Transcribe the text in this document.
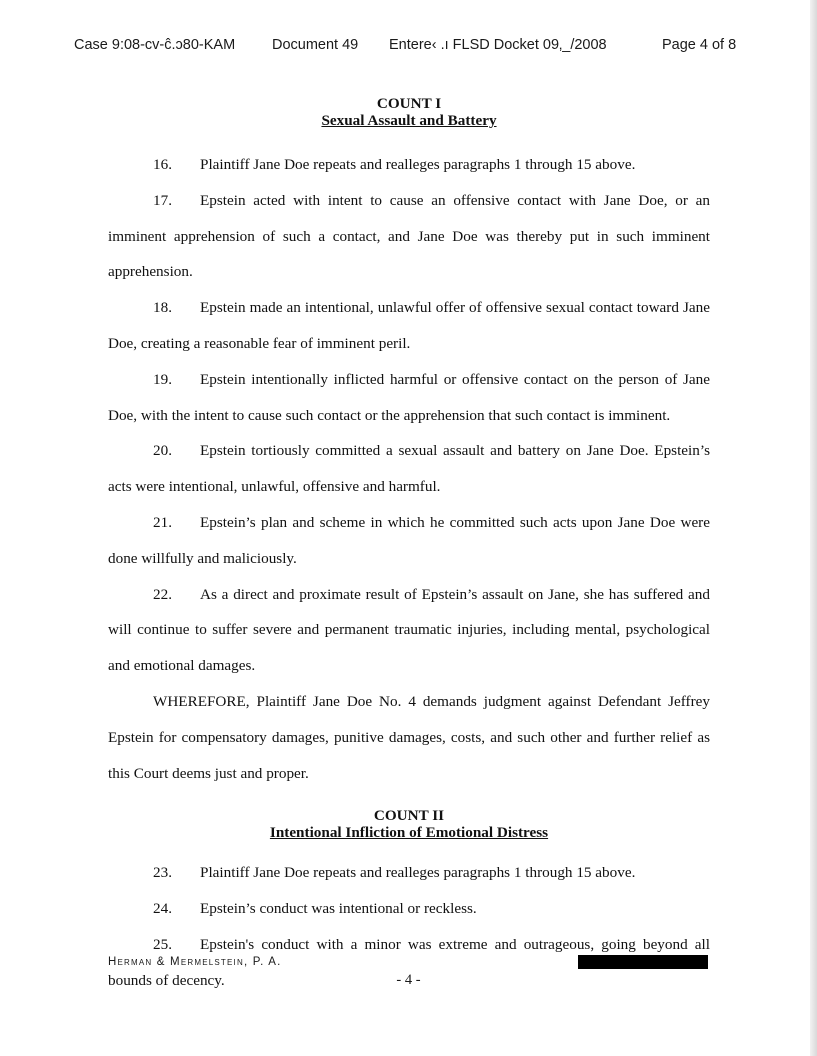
Case 9:08-cv-ĉ.ͻ80-KAM	Document 49 Entere‹ .ı FLSD Docket 09‚_/2008	Page 4 of 8
COUNT I
Sexual Assault and Battery

16. Plaintiff Jane Doe repeats and realleges paragraphs 1 through 15 above.

17. Epstein acted with intent to cause an offensive contact with Jane Doe, or an imminent apprehension of such a contact, and Jane Doe was thereby put in such imminent apprehension.

18. Epstein made an intentional, unlawful offer of offensive sexual contact toward Jane Doe, creating a reasonable fear of imminent peril.

19. Epstein intentionally inflicted harmful or offensive contact on the person of Jane Doe, with the intent to cause such contact or the apprehension that such contact is imminent.

20. Epstein tortiously committed a sexual assault and battery on Jane Doe. Epstein’s acts were intentional, unlawful, offensive and harmful.

21. Epstein’s plan and scheme in which he committed such acts upon Jane Doe were done willfully and maliciously.

22. As a direct and proximate result of Epstein’s assault on Jane, she has suffered and will continue to suffer severe and permanent traumatic injuries, including mental, psychological and emotional damages.

WHEREFORE, Plaintiff Jane Doe No. 4 demands judgment against Defendant Jeffrey Epstein for compensatory damages, punitive damages, costs, and such other and further relief as this Court deems just and proper.

COUNT II
Intentional Infliction of Emotional Distress

23. Plaintiff Jane Doe repeats and realleges paragraphs 1 through 15 above.

24. Epstein’s conduct was intentional or reckless.

25. Epstein's conduct with a minor was extreme and outrageous, going beyond all bounds of decency.

Herman & Mermelstein, P. A.
- 4 -
